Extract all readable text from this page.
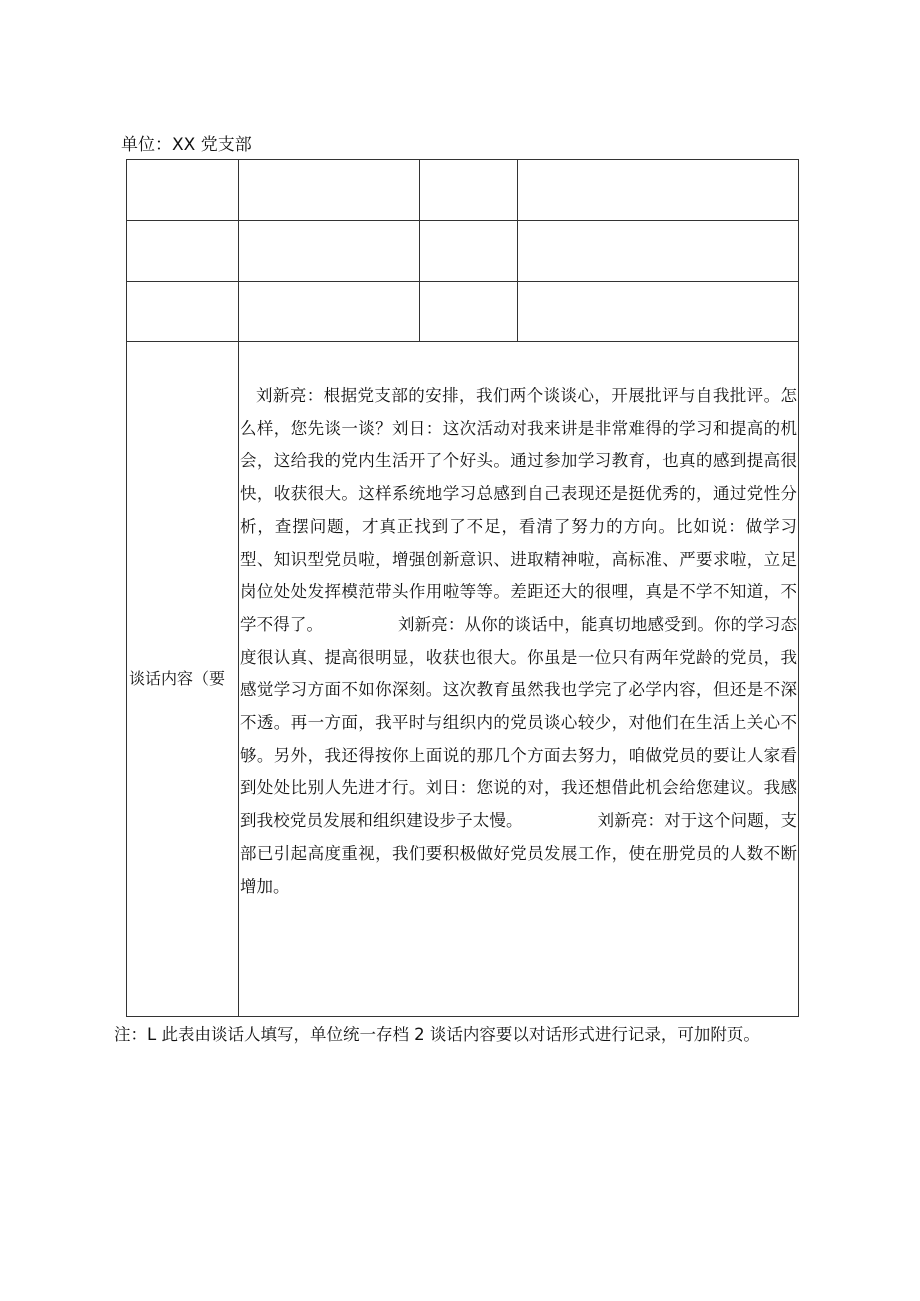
单位：XX 党支部

谈话内容（要	刘新亮：根据党支部的安排，我们两个谈谈心，开展批评与自我批评。怎么样，您先谈一谈？刘日：这次活动对我来讲是非常难得的学习和提高的机会，这给我的党内生活开了个好头。通过参加学习教育，也真的感到提高很快，收获很大。这样系统地学习总感到自己表现还是挺优秀的，通过党性分析，查摆问题，才真正找到了不足，看清了努力的方向。比如说：做学习型、知识型党员啦，增强创新意识、进取精神啦，高标准、严要求啦，立足岗位处处发挥模范带头作用啦等等。差距还大的很哩，真是不学不知道，不学不得了。　　　　　刘新亮：从你的谈话中，能真切地感受到。你的学习态度很认真、提高很明显，收获也很大。你虽是一位只有两年党龄的党员，我感觉学习方面不如你深刻。这次教育虽然我也学完了必学内容，但还是不深不透。再一方面，我平时与组织内的党员谈心较少，对他们在生活上关心不够。另外，我还得按你上面说的那几个方面去努力，咱做党员的要让人家看到处处比别人先进才行。刘日：您说的对，我还想借此机会给您建议。我感到我校党员发展和组织建设步子太慢。　　　　　刘新亮：对于这个问题，支部已引起高度重视，我们要积极做好党员发展工作，使在册党员的人数不断增加。		
注：L 此表由谈话人填写，单位统一存档 2 谈话内容要以对话形式进行记录，可加附页。
